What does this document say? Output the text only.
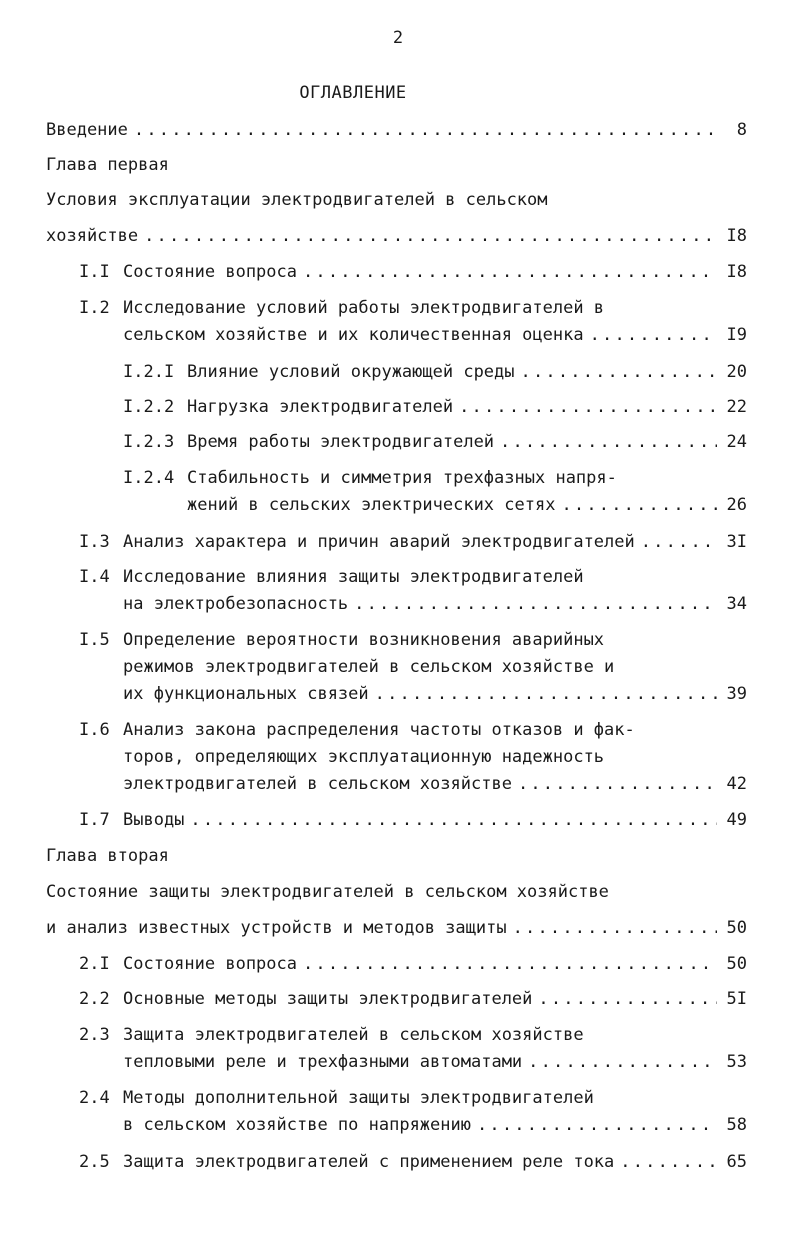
2
ОГЛАВЛЕНИЕ
Введение .....	8
Глава первая
Условия эксплуатации электродвигателей в сельском
хозяйстве .....	I8
I.I Состояние вопроса .....	I8
I.2 Исследование условий работы электродвигателей в
сельском хозяйстве и их количественная оценка .....	I9
I.2.I Влияние условий окружающей среды .....	20
I.2.2 Нагрузка электродвигателей .....	22
I.2.3 Время работы электродвигателей .....	24
I.2.4 Стабильность и симметрия трехфазных напря-
жений в сельских электрических сетях .....	26
I.3 Анализ характера и причин аварий электродвигателей .....	3I
I.4 Исследование влияния защиты электродвигателей
на электробезопасность .....	34
I.5 Определение вероятности возникновения аварийных
режимов электродвигателей в сельском хозяйстве и
их функциональных связей .....	39
I.6 Анализ закона распределения частоты отказов и фак-
торов, определяющих эксплуатационную надежность
электродвигателей в сельском хозяйстве .....	42
I.7 Выводы .....	49
Глава вторая
Состояние защиты электродвигателей в сельском хозяйстве
и анализ известных устройств и методов защиты .....	50
2.I Состояние вопроса .....	50
2.2 Основные методы защиты электродвигателей .....	5I
2.3 Защита электродвигателей в сельском хозяйстве
тепловыми реле и трехфазными автоматами .....	53
2.4 Методы дополнительной защиты электродвигателей
в сельском хозяйстве по напряжению .....	58
2.5 Защита электродвигателей с применением реле тока .....	65
